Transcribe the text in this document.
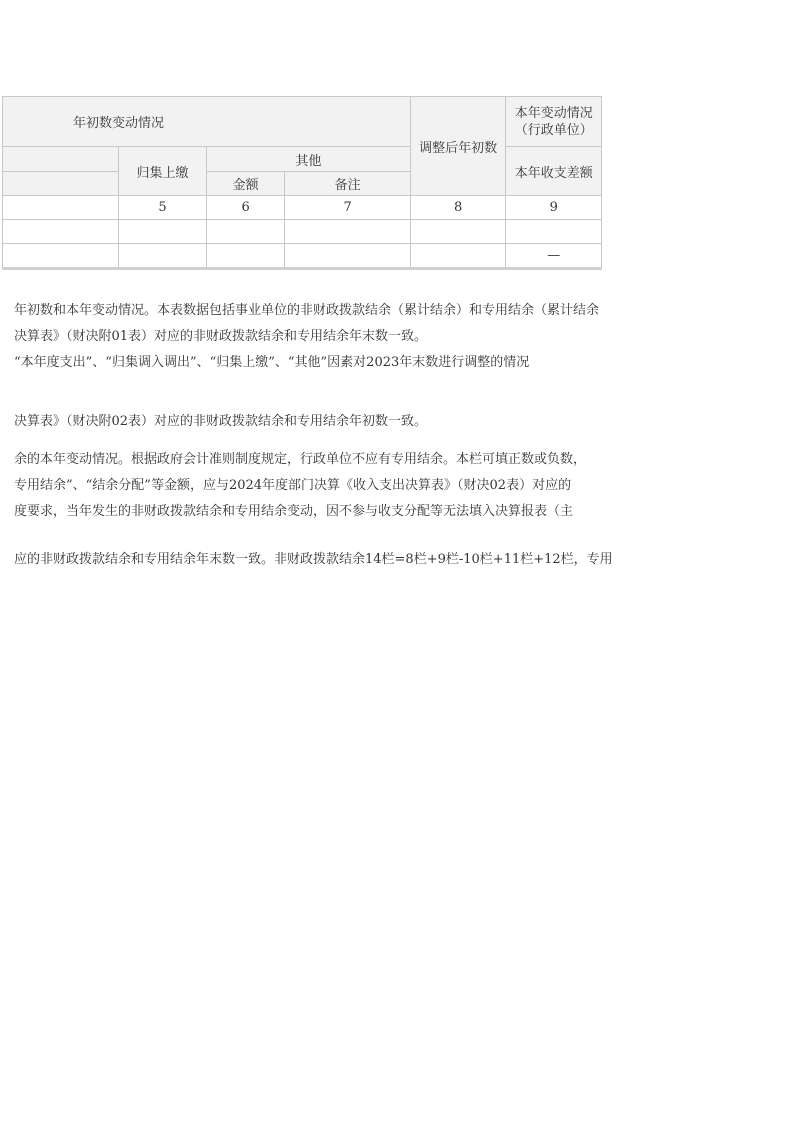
年初数变动情况				调整后年初数	本年变动情况
（行政单位）
	归集上缴	其他			本年收支差额
		金额	备注		
	5	6	7	8	9

					—

年初数和本年变动情况。本表数据包括事业单位的非财政拨款结余（累计结余）和专用结余（累计结余

决算表》（财决附01表）对应的非财政拨款结余和专用结余年末数一致。

“本年度支出”、“归集调入调出”、“归集上缴”、“其他”因素对2023年末数进行调整的情况

决算表》（财决附02表）对应的非财政拨款结余和专用结余年初数一致。

余的本年变动情况。根据政府会计准则制度规定，行政单位不应有专用结余。本栏可填正数或负数，

专用结余”、“结余分配”等金额，应与2024年度部门决算《收入支出决算表》（财决02表）对应的

度要求，当年发生的非财政拨款结余和专用结余变动，因不参与收支分配等无法填入决算报表（主

应的非财政拨款结余和专用结余年末数一致。非财政拨款结余14栏=8栏+9栏-10栏+11栏+12栏，专用
